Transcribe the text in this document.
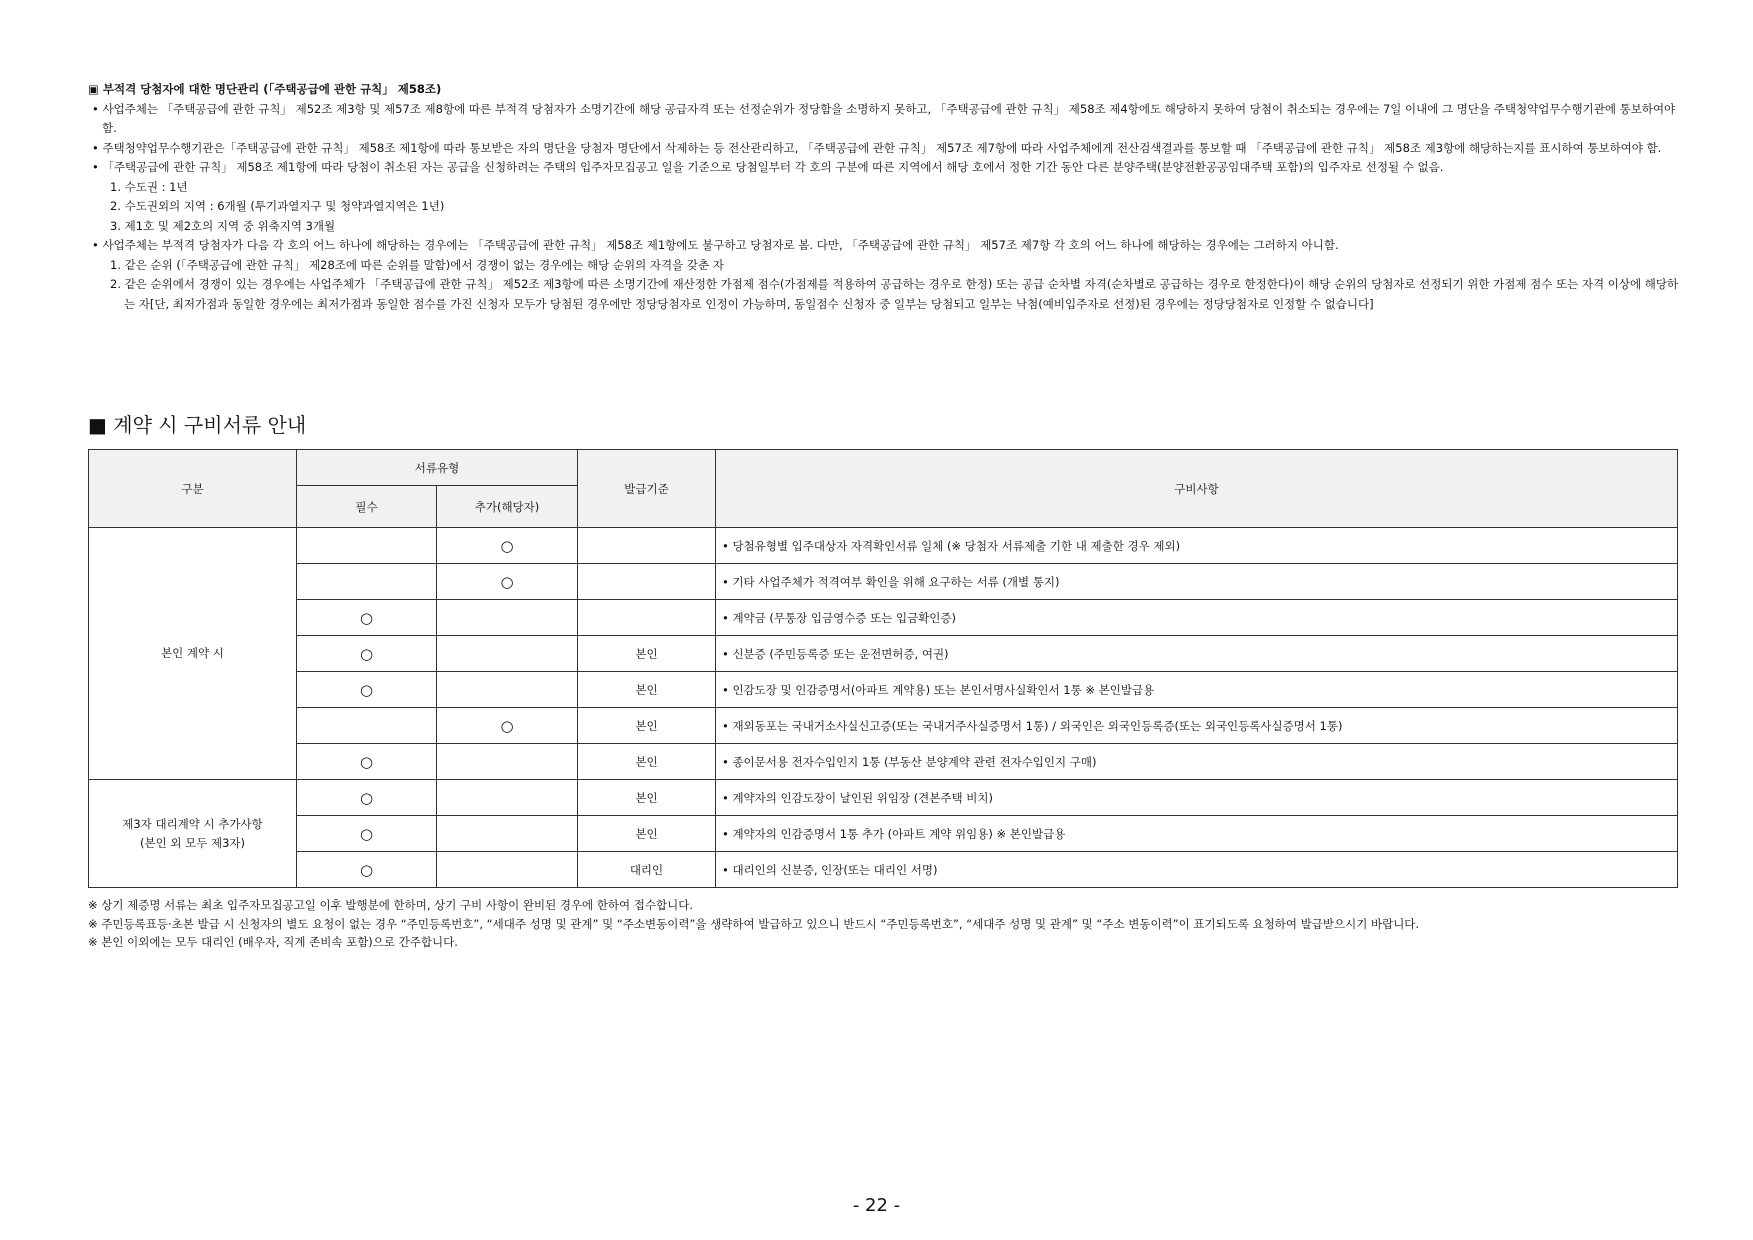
▣ 부적격 당첨자에 대한 명단관리 (「주택공급에 관한 규칙」 제58조)
• 사업주체는 「주택공급에 관한 규칙」 제52조 제3항 및 제57조 제8항에 따른 부적격 당첨자가 소명기간에 해당 공급자격 또는 선정순위가 정당함을 소명하지 못하고, 「주택공급에 관한 규칙」 제58조 제4항에도 해당하지 못하여 당첨이 취소되는 경우에는 7일 이내에 그 명단을 주택청약업무수행기관에 통보하여야 함.
• 주택청약업무수행기관은「주택공급에 관한 규칙」 제58조 제1항에 따라 통보받은 자의 명단을 당첨자 명단에서 삭제하는 등 전산관리하고, 「주택공급에 관한 규칙」 제57조 제7항에 따라 사업주체에게 전산검색결과를 통보할 때 「주택공급에 관한 규칙」 제58조 제3항에 해당하는지를 표시하여 통보하여야 함.
• 「주택공급에 관한 규칙」 제58조 제1항에 따라 당첨이 취소된 자는 공급을 신청하려는 주택의 입주자모집공고 일을 기준으로 당첨일부터 각 호의 구분에 따른 지역에서 해당 호에서 정한 기간 동안 다른 분양주택(분양전환공공임대주택 포함)의 입주자로 선정될 수 없음.
1. 수도권 : 1년
2. 수도권외의 지역 : 6개월 (투기과열지구 및 청약과열지역은 1년)
3. 제1호 및 제2호의 지역 중 위축지역 3개월
• 사업주체는 부적격 당첨자가 다음 각 호의 어느 하나에 해당하는 경우에는 「주택공급에 관한 규칙」 제58조 제1항에도 불구하고 당첨자로 봄. 다만, 「주택공급에 관한 규칙」 제57조 제7항 각 호의 어느 하나에 해당하는 경우에는 그러하지 아니함.
1. 같은 순위 (「주택공급에 관한 규칙」 제28조에 따른 순위를 말함)에서 경쟁이 없는 경우에는 해당 순위의 자격을 갖춘 자
2. 같은 순위에서 경쟁이 있는 경우에는 사업주체가 「주택공급에 관한 규칙」 제52조 제3항에 따른 소명기간에 재산정한 가점제 점수(가점제를 적용하여 공급하는 경우로 한정) 또는 공급 순차별 자격(순차별로 공급하는 경우로 한정한다)이 해당 순위의 당첨자로 선정되기 위한 가점제 점수 또는 자격 이상에 해당하는 자[단, 최저가점과 동일한 경우에는 최저가점과 동일한 점수를 가진 신청자 모두가 당첨된 경우에만 정당당첨자로 인정이 가능하며, 동일점수 신청자 중 일부는 당첨되고 일부는 낙첨(예비입주자로 선정)된 경우에는 정당당첨자로 인정할 수 없습니다]
■ 계약 시 구비서류 안내
구분	서류유형		발급기준	구비사항
	필수	추가(해당자)		
본인 계약 시		○		• 당첨유형별 입주대상자 자격확인서류 일체 (※ 당첨자 서류제출 기한 내 제출한 경우 제외)
		○		• 기타 사업주체가 적격여부 확인을 위해 요구하는 서류 (개별 통지)
	○			• 계약금 (무통장 입금영수증 또는 입금확인증)
	○		본인	• 신분증 (주민등록증 또는 운전면허증, 여권)
	○		본인	• 인감도장 및 인감증명서(아파트 계약용) 또는 본인서명사실확인서 1통 ※ 본인발급용
		○	본인	• 재외동포는 국내거소사실신고증(또는 국내거주사실증명서 1통) / 외국인은 외국인등록증(또는 외국인등록사실증명서 1통)
	○		본인	• 종이문서용 전자수입인지 1통 (부동산 분양계약 관련 전자수입인지 구매)

제3자 대리계약 시 추가사항
(본인 외 모두 제3자)	○		본인	• 계약자의 인감도장이 날인된 위임장 (견본주택 비치)
	○		본인	• 계약자의 인감증명서 1통 추가 (아파트 계약 위임용) ※ 본인발급용
	○		대리인	• 대리인의 신분증, 인장(또는 대리인 서명)
※ 상기 제증명 서류는 최초 입주자모집공고일 이후 발행분에 한하며, 상기 구비 사항이 완비된 경우에 한하여 접수합니다.
※ 주민등록표등·초본 발급 시 신청자의 별도 요청이 없는 경우 “주민등록번호”, “세대주 성명 및 관계” 및 “주소변동이력”을 생략하여 발급하고 있으니 반드시 “주민등록번호”, “세대주 성명 및 관계” 및 “주소 변동이력”이 표기되도록 요청하여 발급받으시기 바랍니다.
※ 본인 이외에는 모두 대리인 (배우자, 직계 존비속 포함)으로 간주합니다.
- 22 -
